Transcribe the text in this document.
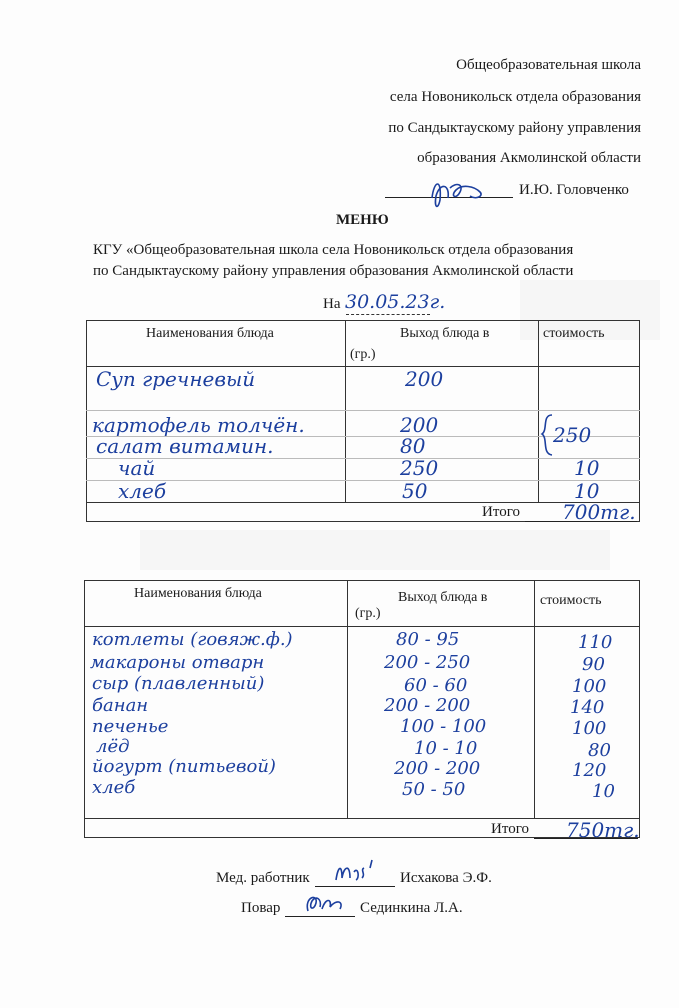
Общеобразовательная школа
села Новоникольск отдела образования
по Сандыктаускому району управления
образования Акмолинской области
И.Ю. Головченко
МЕНЮ
КГУ «Общеобразовательная школа села Новоникольск отдела образования
по Сандыктаускому району управления образования Акмолинской области
На 30.05.23г.
Наименования блюда	Выход блюда в
(гр.)
стоимость
Суп гречневый	200
картофель толчён.	200
салат витамин.	80	250
чай	250	10
хлеб	50	10
Итого 700тг.
Наименования блюда	Выход блюда в
(гр.)
стоимость
котлеты (говяж.ф.)	80 - 95	110
макароны отварн	200 - 250	90
сыр (плавленный)	60 - 60	100
банан	200 - 200	140
печенье	100 - 100	100
лёд	10 - 10	80
йогурт (питьевой)	200 - 200	120
хлеб	50 - 50	10
Итого 750тг.
Мед. работник	Исхакова Э.Ф.
Повар	Сединкина Л.А.
